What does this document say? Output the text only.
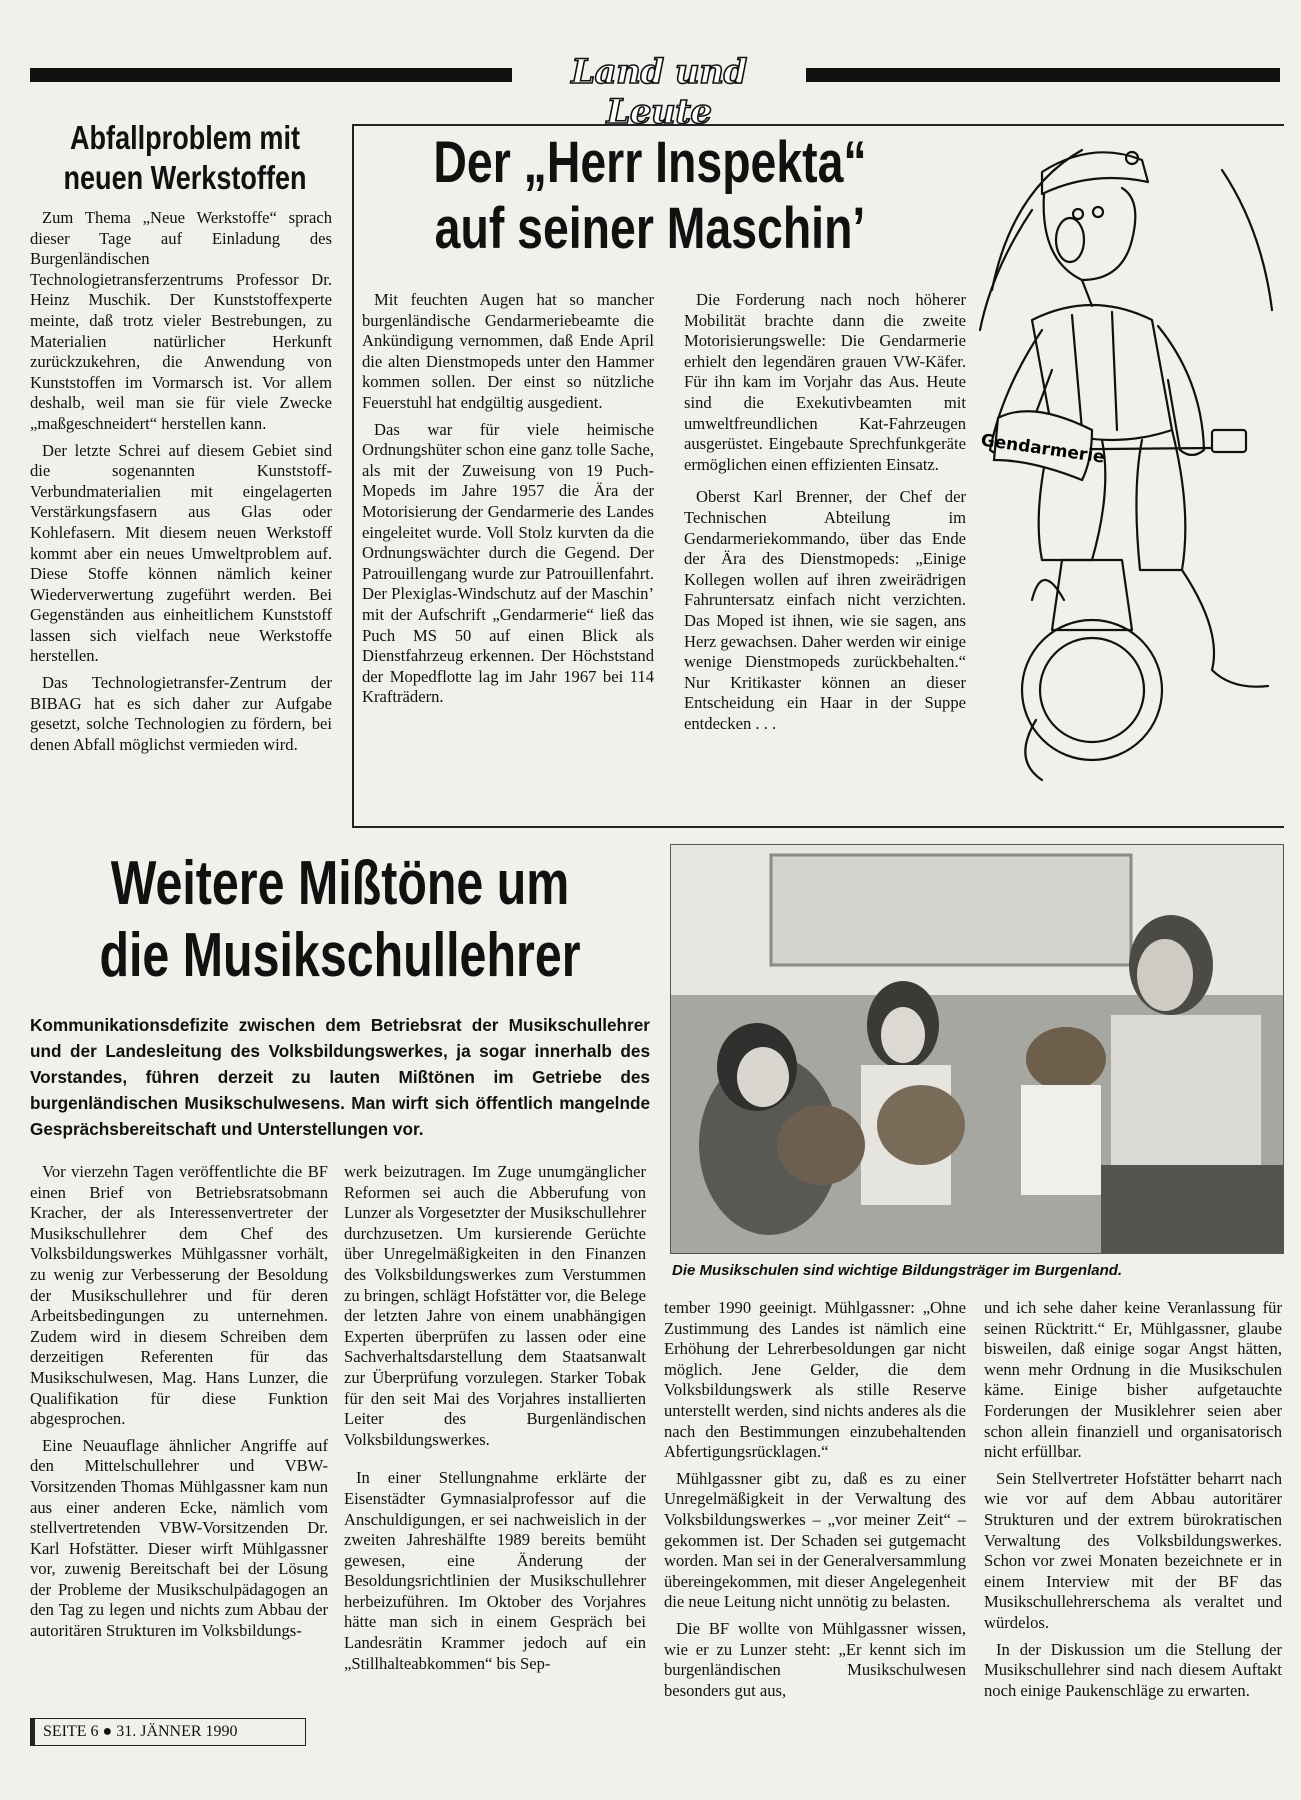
Land und Leute
Abfallproblem mit
neuen Werkstoffen

Zum Thema „Neue Werkstoffe“ sprach dieser Tage auf Einladung des Burgenländischen Technologietransferzentrums Professor Dr. Heinz Muschik. Der Kunststoffexperte meinte, daß trotz vieler Bestrebungen, zu Materialien natürlicher Herkunft zurückzukehren, die Anwendung von Kunststoffen im Vormarsch ist. Vor allem deshalb, weil man sie für viele Zwecke „maßgeschneidert“ herstellen kann.

Der letzte Schrei auf diesem Gebiet sind die sogenannten Kunststoff-Verbundmaterialien mit eingelagerten Verstärkungsfasern aus Glas oder Kohlefasern. Mit diesem neuen Werkstoff kommt aber ein neues Umweltproblem auf. Diese Stoffe können nämlich keiner Wiederverwertung zugeführt werden. Bei Gegenständen aus einheitlichem Kunststoff lassen sich vielfach neue Werkstoffe herstellen.

Das Technologietransfer-Zentrum der BIBAG hat es sich daher zur Aufgabe gesetzt, solche Technologien zu fördern, bei denen Abfall möglichst vermieden wird.

Der „Herr Inspekta“
auf seiner Maschin’

Mit feuchten Augen hat so mancher burgenländische Gendarmeriebeamte die Ankündigung vernommen, daß Ende April die alten Dienstmopeds unter den Hammer kommen sollen. Der einst so nützliche Feuerstuhl hat endgültig ausgedient.

Das war für viele heimische Ordnungshüter schon eine ganz tolle Sache, als mit der Zuweisung von 19 Puch-Mopeds im Jahre 1957 die Ära der Motorisierung der Gendarmerie des Landes eingeleitet wurde. Voll Stolz kurvten da die Ordnungswächter durch die Gegend. Der Patrouillengang wurde zur Patrouillenfahrt. Der Plexiglas-Windschutz auf der Maschin’ mit der Aufschrift „Gendarmerie“ ließ das Puch MS 50 auf einen Blick als Dienstfahrzeug erkennen. Der Höchststand der Mopedflotte lag im Jahr 1967 bei 114 Krafträdern.

Die Forderung nach noch höherer Mobilität brachte dann die zweite Motorisierungswelle: Die Gendarmerie erhielt den legendären grauen VW-Käfer. Für ihn kam im Vorjahr das Aus. Heute sind die Exekutivbeamten mit umweltfreundlichen Kat-Fahrzeugen ausgerüstet. Eingebaute Sprechfunkgeräte ermöglichen einen effizienten Einsatz.

Oberst Karl Brenner, der Chef der Technischen Abteilung im Gendarmeriekommando, über das Ende der Ära des Dienstmopeds: „Einige Kollegen wollen auf ihren zweirädrigen Fahruntersatz einfach nicht verzichten. Das Moped ist ihnen, wie sie sagen, ans Herz gewachsen. Daher werden wir einige wenige Dienstmopeds zurückbehalten.“ Nur Kritikaster können an dieser Entscheidung ein Haar in der Suppe entdecken . . .

Gendarmerie
Weitere Mißtöne um
die Musikschullehrer
Kommunikationsdefizite zwischen dem Betriebsrat der Musikschullehrer und der Landesleitung des Volksbildungswerkes, ja sogar innerhalb des Vorstandes, führen derzeit zu lauten Mißtönen im Getriebe des burgenländischen Musikschulwesens. Man wirft sich öffentlich mangelnde Gesprächsbereitschaft und Unterstellungen vor.
Die Musikschulen sind wichtige Bildungsträger im Burgenland.

Vor vierzehn Tagen veröffentlichte die BF einen Brief von Betriebsratsobmann Kracher, der als Interessenvertreter der Musikschullehrer dem Chef des Volksbildungswerkes Mühlgassner vorhält, zu wenig zur Verbesserung der Besoldung der Musikschullehrer und für deren Arbeitsbedingungen zu unternehmen. Zudem wird in diesem Schreiben dem derzeitigen Referenten für das Musikschulwesen, Mag. Hans Lunzer, die Qualifikation für diese Funktion abgesprochen.

Eine Neuauflage ähnlicher Angriffe auf den Mittelschullehrer und VBW-Vorsitzenden Thomas Mühlgassner kam nun aus einer anderen Ecke, nämlich vom stellvertretenden VBW-Vorsitzenden Dr. Karl Hofstätter. Dieser wirft Mühlgassner vor, zuwenig Bereitschaft bei der Lösung der Probleme der Musikschulpädagogen an den Tag zu legen und nichts zum Abbau der autoritären Strukturen im Volksbildungs-

werk beizutragen. Im Zuge unumgänglicher Reformen sei auch die Abberufung von Lunzer als Vorgesetzter der Musikschullehrer durchzusetzen. Um kursierende Gerüchte über Unregelmäßigkeiten in den Finanzen des Volksbildungswerkes zum Verstummen zu bringen, schlägt Hofstätter vor, die Belege der letzten Jahre von einem unabhängigen Experten überprüfen zu lassen oder eine Sachverhaltsdarstellung dem Staatsanwalt zur Überprüfung vorzulegen. Starker Tobak für den seit Mai des Vorjahres installierten Leiter des Burgenländischen Volksbildungswerkes.

In einer Stellungnahme erklärte der Eisenstädter Gymnasialprofessor auf die Anschuldigungen, er sei nachweislich in der zweiten Jahreshälfte 1989 bereits bemüht gewesen, eine Änderung der Besoldungsrichtlinien der Musikschullehrer herbeizuführen. Im Oktober des Vorjahres hätte man sich in einem Gespräch bei Landesrätin Krammer jedoch auf ein „Stillhalteabkommen“ bis Sep-

tember 1990 geeinigt. Mühlgassner: „Ohne Zustimmung des Landes ist nämlich eine Erhöhung der Lehrerbesoldungen gar nicht möglich. Jene Gelder, die dem Volksbildungswerk als stille Reserve unterstellt werden, sind nichts anderes als die nach den Bestimmungen einzubehaltenden Abfertigungsrücklagen.“

Mühlgassner gibt zu, daß es zu einer Unregelmäßigkeit in der Verwaltung des Volksbildungswerkes – „vor meiner Zeit“ – gekommen ist. Der Schaden sei gutgemacht worden. Man sei in der Generalversammlung übereingekommen, mit dieser Angelegenheit die neue Leitung nicht unnötig zu belasten.

Die BF wollte von Mühlgassner wissen, wie er zu Lunzer steht: „Er kennt sich im burgenländischen Musikschulwesen besonders gut aus,

und ich sehe daher keine Veranlassung für seinen Rücktritt.“ Er, Mühlgassner, glaube bisweilen, daß einige sogar Angst hätten, wenn mehr Ordnung in die Musikschulen käme. Einige bisher aufgetauchte Forderungen der Musiklehrer seien aber schon allein finanziell und organisatorisch nicht erfüllbar.

Sein Stellvertreter Hofstätter beharrt nach wie vor auf dem Abbau autoritärer Strukturen und der extrem bürokratischen Verwaltung des Volksbildungswerkes. Schon vor zwei Monaten bezeichnete er in einem Interview mit der BF das Musikschullehrerschema als veraltet und würdelos.

In der Diskussion um die Stellung der Musikschullehrer sind nach diesem Auftakt noch einige Paukenschläge zu erwarten.

SEITE 6 ● 31. JÄNNER 1990
